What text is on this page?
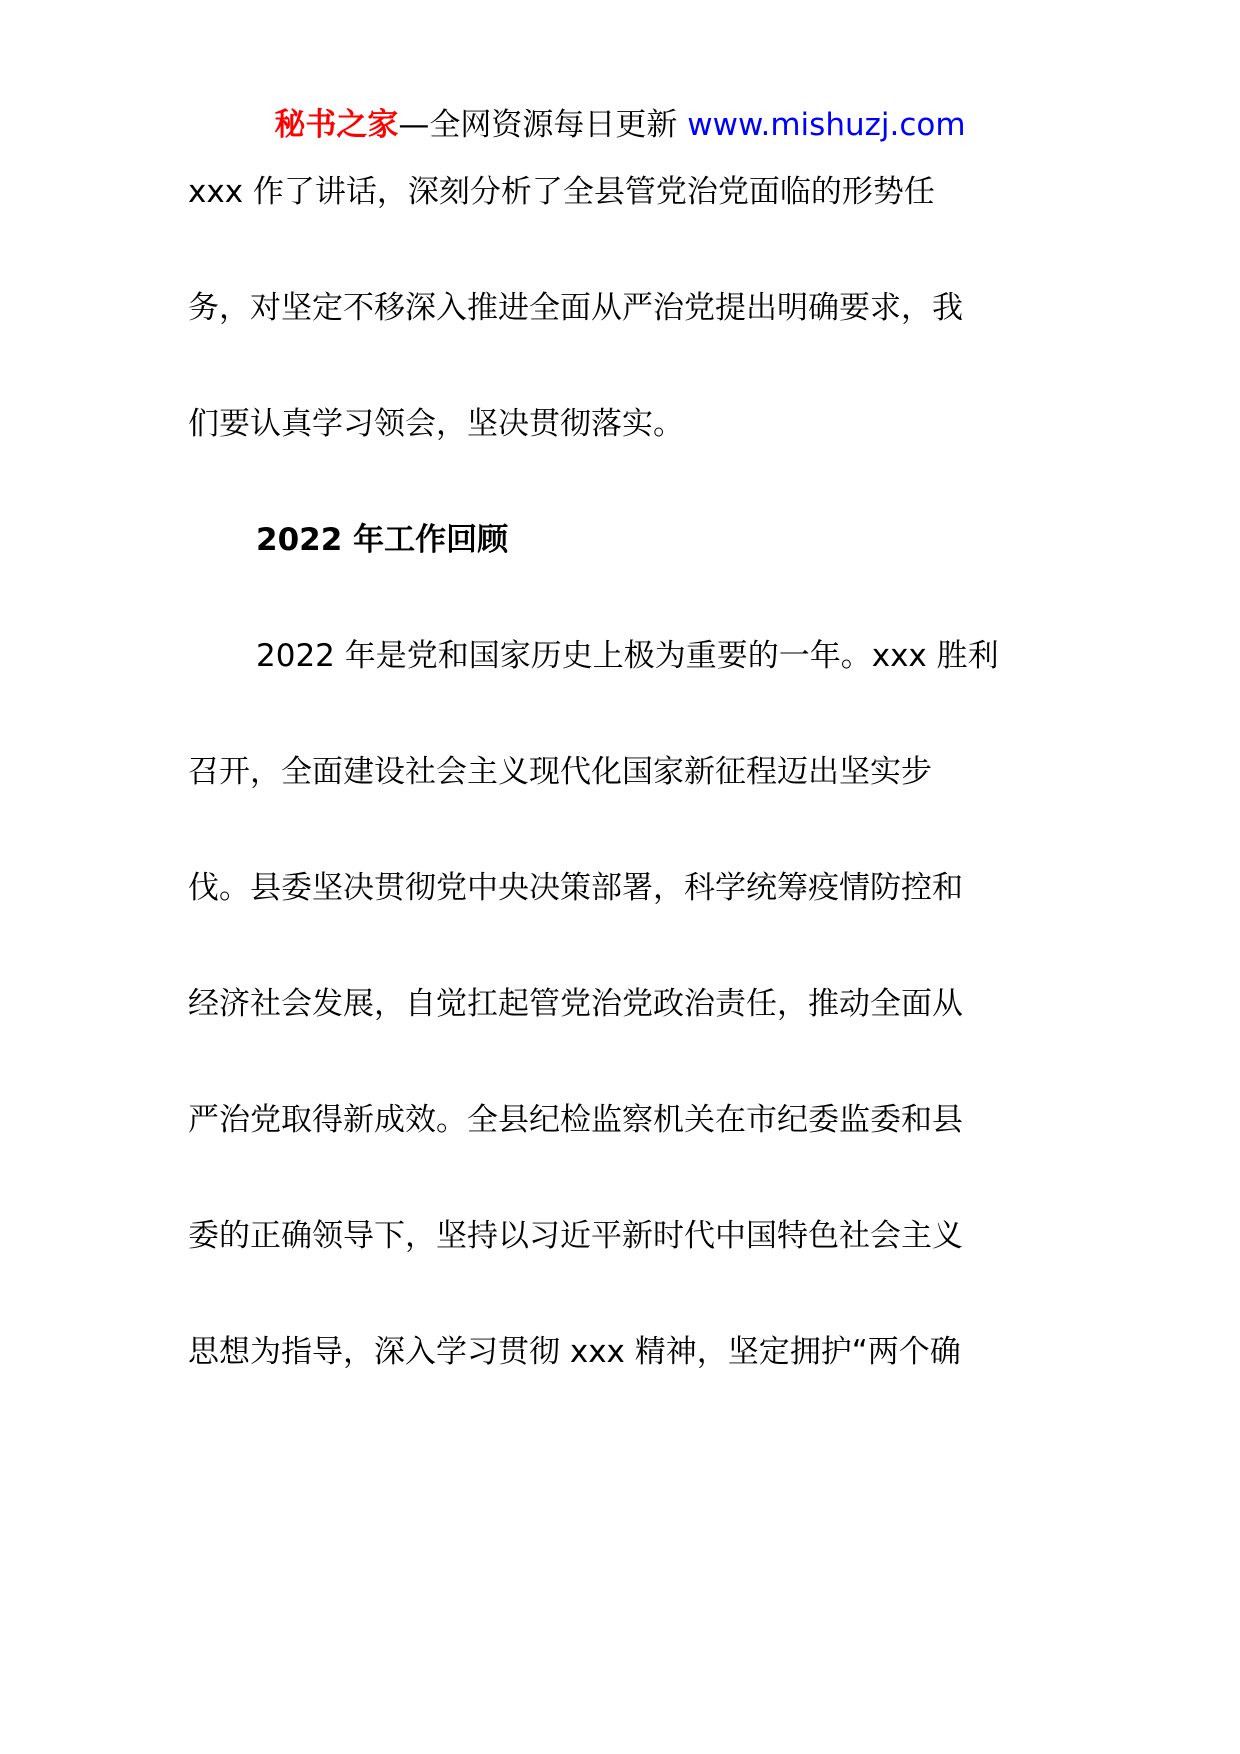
秘书之家—全网资源每日更新 www.mishuzj.com
xxx 作了讲话，深刻分析了全县管党治党面临的形势任
务，对坚定不移深入推进全面从严治党提出明确要求，我
们要认真学习领会，坚决贯彻落实。
2022 年工作回顾
2022 年是党和国家历史上极为重要的一年。xxx 胜利
召开，全面建设社会主义现代化国家新征程迈出坚实步
伐。县委坚决贯彻党中央决策部署，科学统筹疫情防控和
经济社会发展，自觉扛起管党治党政治责任，推动全面从
严治党取得新成效。全县纪检监察机关在市纪委监委和县
委的正确领导下，坚持以习近平新时代中国特色社会主义
思想为指导，深入学习贯彻 xxx 精神，坚定拥护“两个确
